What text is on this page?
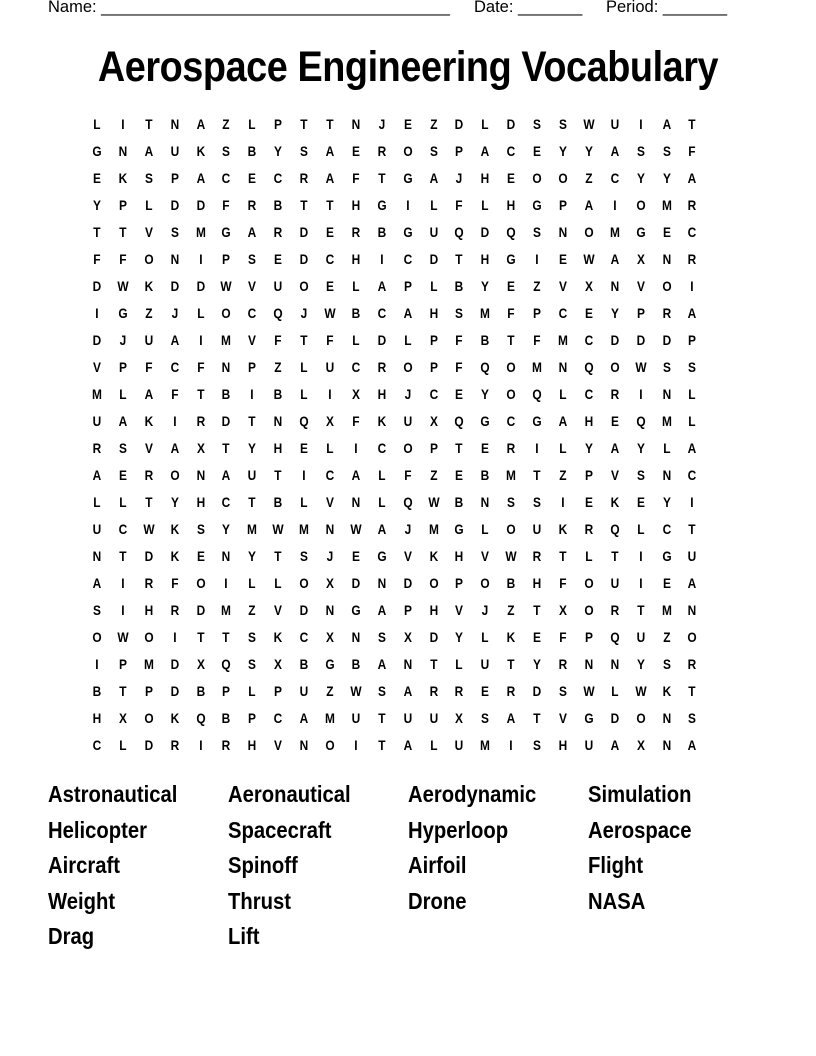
Name: ______________________________________ Date: _______ Period: _______
Aerospace Engineering Vocabulary
L	I	T	N	A	Z	L	P	T	T	N	J	E	Z	D	L	D	S	S	W	U	I	A	T
G	N	A	U	K	S	B	Y	S	A	E	R	O	S	P	A	C	E	Y	Y	A	S	S	F
E	K	S	P	A	C	E	C	R	A	F	T	G	A	J	H	E	O	O	Z	C	Y	Y	A
Y	P	L	D	D	F	R	B	T	T	H	G	I	L	F	L	H	G	P	A	I	O	M	R
T	T	V	S	M	G	A	R	D	E	R	B	G	U	Q	D	Q	S	N	O	M	G	E	C
F	F	O	N	I	P	S	E	D	C	H	I	C	D	T	H	G	I	E	W	A	X	N	R
D	W	K	D	D	W	V	U	O	E	L	A	P	L	B	Y	E	Z	V	X	N	V	O	I
I	G	Z	J	L	O	C	Q	J	W	B	C	A	H	S	M	F	P	C	E	Y	P	R	A
D	J	U	A	I	M	V	F	T	F	L	D	L	P	F	B	T	F	M	C	D	D	D	P
V	P	F	C	F	N	P	Z	L	U	C	R	O	P	F	Q	O	M	N	Q	O	W	S	S
M	L	A	F	T	B	I	B	L	I	X	H	J	C	E	Y	O	Q	L	C	R	I	N	L
U	A	K	I	R	D	T	N	Q	X	F	K	U	X	Q	G	C	G	A	H	E	Q	M	L
R	S	V	A	X	T	Y	H	E	L	I	C	O	P	T	E	R	I	L	Y	A	Y	L	A
A	E	R	O	N	A	U	T	I	C	A	L	F	Z	E	B	M	T	Z	P	V	S	N	C
L	L	T	Y	H	C	T	B	L	V	N	L	Q	W	B	N	S	S	I	E	K	E	Y	I
U	C	W	K	S	Y	M	W	M	N	W	A	J	M	G	L	O	U	K	R	Q	L	C	T
N	T	D	K	E	N	Y	T	S	J	E	G	V	K	H	V	W	R	T	L	T	I	G	U
A	I	R	F	O	I	L	L	O	X	D	N	D	O	P	O	B	H	F	O	U	I	E	A
S	I	H	R	D	M	Z	V	D	N	G	A	P	H	V	J	Z	T	X	O	R	T	M	N
O	W	O	I	T	T	S	K	C	X	N	S	X	D	Y	L	K	E	F	P	Q	U	Z	O
I	P	M	D	X	Q	S	X	B	G	B	A	N	T	L	U	T	Y	R	N	N	Y	S	R
B	T	P	D	B	P	L	P	U	Z	W	S	A	R	R	E	R	D	S	W	L	W	K	T
H	X	O	K	Q	B	P	C	A	M	U	T	U	U	X	S	A	T	V	G	D	O	N	S
C	L	D	R	I	R	H	V	N	O	I	T	A	L	U	M	I	S	H	U	A	X	N	A
Astronautical	Aeronautical	Aerodynamic	Simulation
Helicopter	Spacecraft	Hyperloop	Aerospace
Aircraft	Spinoff	Airfoil	Flight
Weight	Thrust	Drone	NASA
Drag	Lift
